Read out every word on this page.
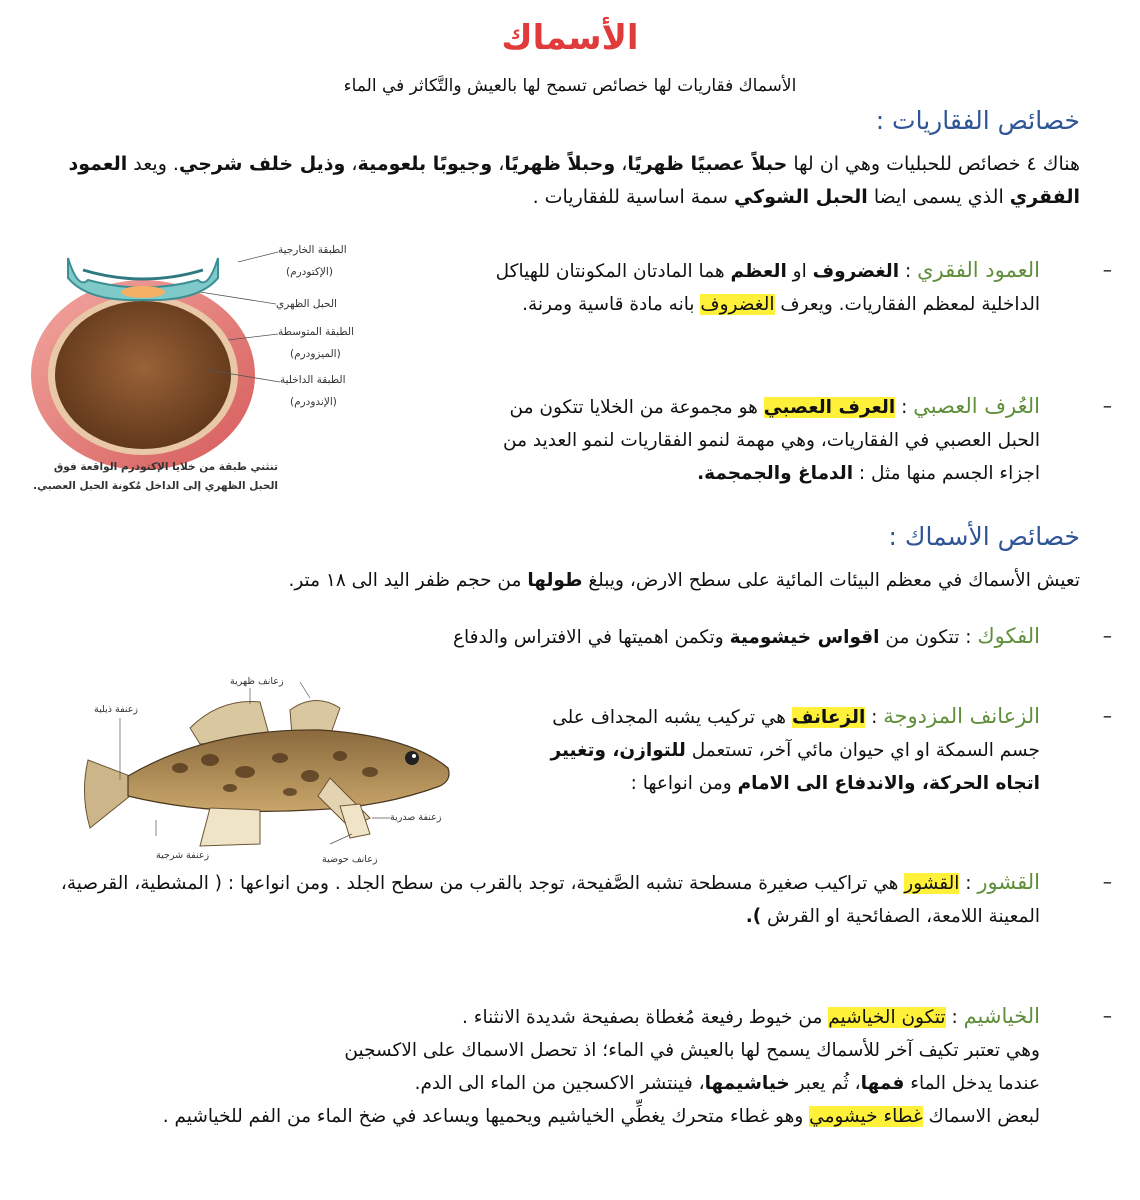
الأسماك
الأسماك فقاريات لها خصائص تسمح لها بالعيش والتَّكاثر في الماء
خصائص الفقاريات :
هناك ٤ خصائص للحبليات وهي ان لها حبلاً عصبيًا ظهريًا، وحبلاً ظهريًا، وجيوبًا بلعومية، وذيل خلف شرجي. ويعد العمود الفقري الذي يسمى ايضا الحبل الشوكي سمة اساسية للفقاريات .
–
العمود الفقري : الغضروف او العظم هما المادتان المكونتان للهياكل الداخلية لمعظم الفقاريات. ويعرف الغضروف بانه مادة قاسية ومرنة.
–
العُرف العصبي : العرف العصبي هو مجموعة من الخلايا تتكون من الحبل العصبي في الفقاريات، وهي مهمة لنمو الفقاريات لنمو العديد من اجزاء الجسم منها مثل : الدماغ والجمجمة.
الطبقة الخارجية
(الإكتودرم)
الحبل الظهري
الطبقة المتوسطة
(الميزودرم)
الطبقة الداخلية
(الإندودرم)
تنثني طبقة من خلايا الإكتودرم الواقعة فوق
الحبل الظهري إلى الداخل مُكونة الحبل العصبي.
خصائص الأسماك :
تعيش الأسماك في معظم البيئات المائية على سطح الارض، ويبلغ طولها من حجم ظفر اليد الى ١٨ متر.
–
الفكوك : تتكون من اقواس خيشومية وتكمن اهميتها في الافتراس والدفاع
زعنفة ذيلية
زعانف ظهرية
زعنفة صدرية
زعنفة شرجية	زعانف حوضية
–
الزعانف المزدوجة : الزعانف هي تركيب يشبه المجداف على جسم السمكة او اي حيوان مائي آخر، تستعمل للتوازن، وتغيير اتجاه الحركة، والاندفاع الى الامام ومن انواعها :
–
القشور : القشور هي تراكيب صغيرة مسطحة تشبه الصَّفيحة، توجد بالقرب من سطح الجلد . ومن انواعها : ( المشطية، القرصية، المعينة اللامعة، الصفائحية او القرش ).
–
الخياشيم : تتكون الخياشيم من خيوط رفيعة مُغطاة بصفيحة شديدة الانثناء .
وهي تعتبر تكيف آخر للأسماك يسمح لها بالعيش في الماء؛ اذ تحصل الاسماك على الاكسجين
عندما يدخل الماء فمها، ثُم يعبر خياشيمها، فينتشر الاكسجين من الماء الى الدم.
لبعض الاسماك غطاء خيشومي وهو غطاء متحرك يغطِّي الخياشيم ويحميها ويساعد في ضخ الماء من الفم للخياشيم .
